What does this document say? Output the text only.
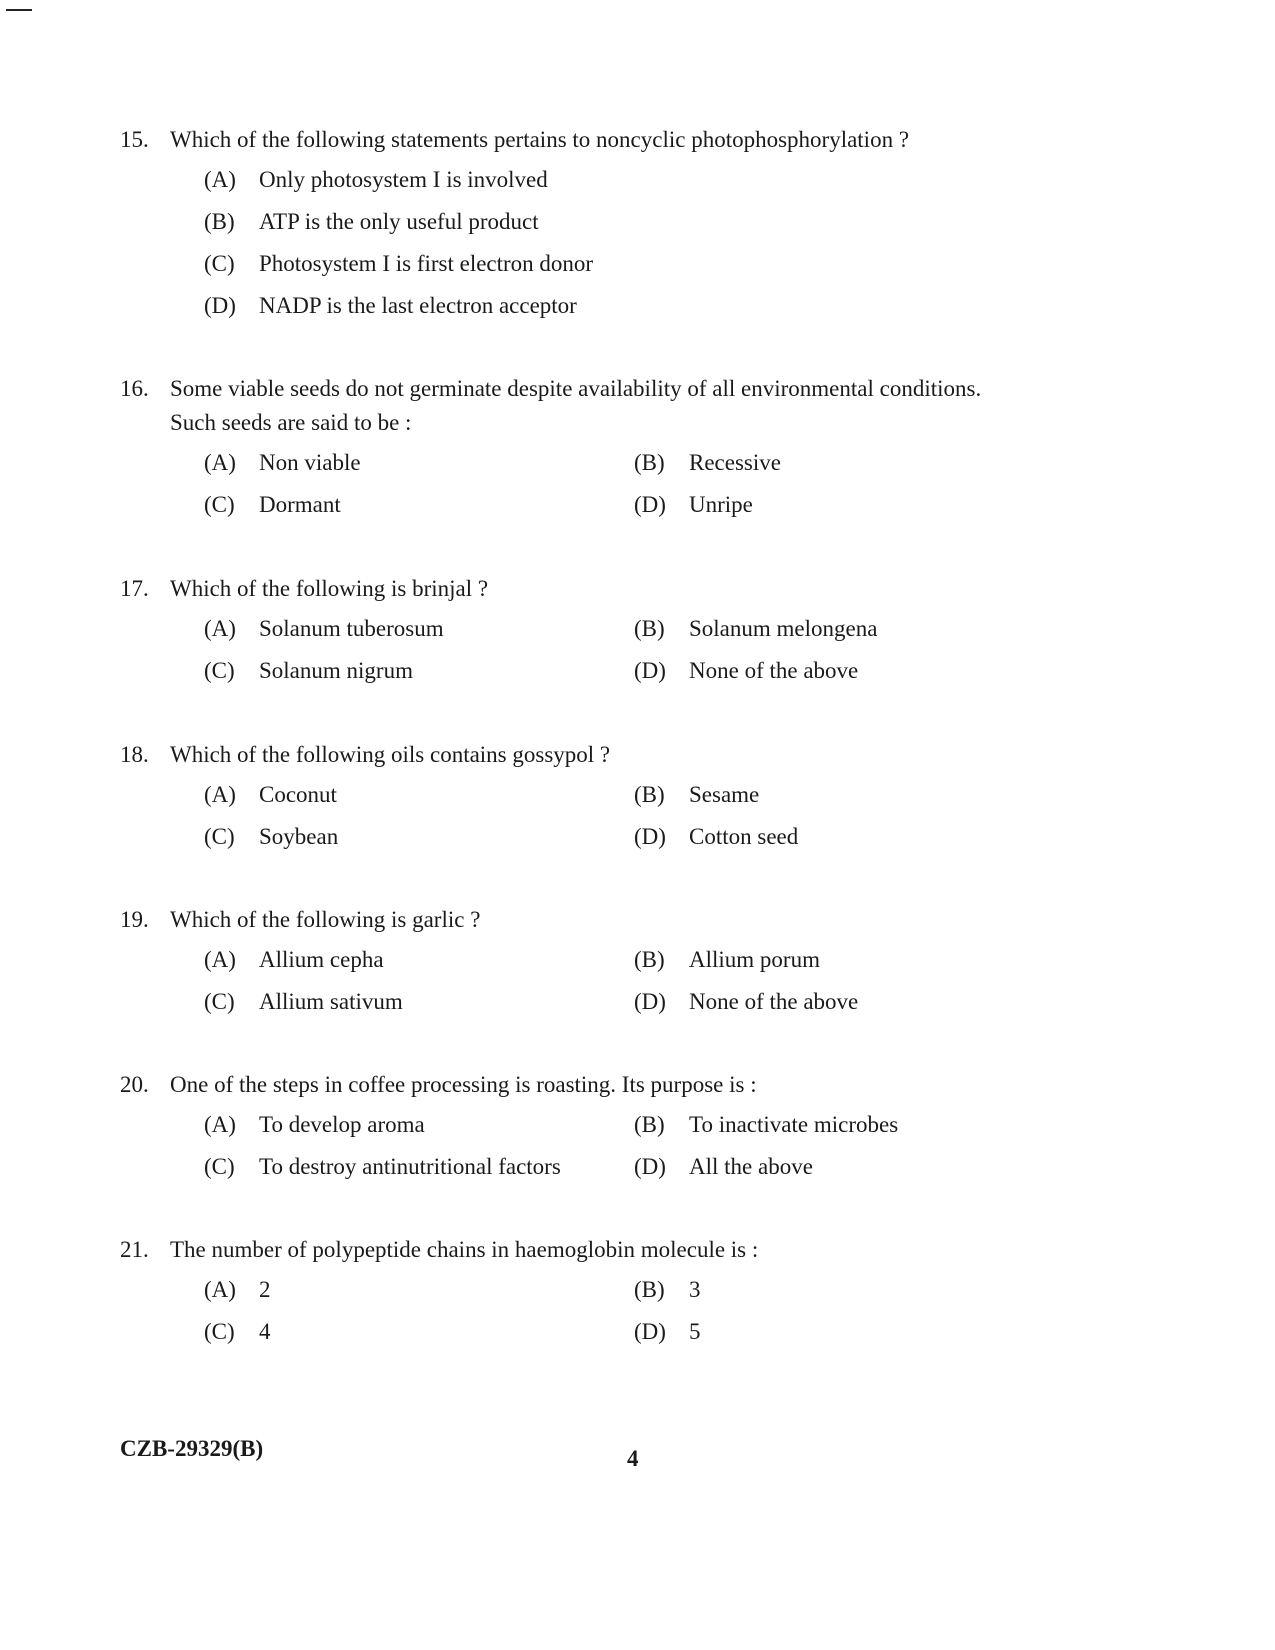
15. Which of the following statements pertains to noncyclic photophosphorylation ?
(A)	Only photosystem I is involved
(B)	ATP is the only useful product
(C)	Photosystem I is first electron donor
(D)	NADP is the last electron acceptor
16. Some viable seeds do not germinate despite availability of all environmental conditions.
Such seeds are said to be :
(A)	Non viable	(B)	Recessive
(C)	Dormant	(D)	Unripe
17. Which of the following is brinjal ?
(A)	Solanum tuberosum	(B)	Solanum melongena
(C)	Solanum nigrum	(D)	None of the above
18. Which of the following oils contains gossypol ?
(A)	Coconut	(B)	Sesame
(C)	Soybean	(D)	Cotton seed
19. Which of the following is garlic ?
(A)	Allium cepha	(B)	Allium porum
(C)	Allium sativum	(D)	None of the above
20. One of the steps in coffee processing is roasting. Its purpose is :
(A)	To develop aroma	(B)	To inactivate microbes
(C)	To destroy antinutritional factors	(D)	All the above
21. The number of polypeptide chains in haemoglobin molecule is :
(A)	2	(B)	3
(C)	4	(D)	5
CZB-29329(B)	4
